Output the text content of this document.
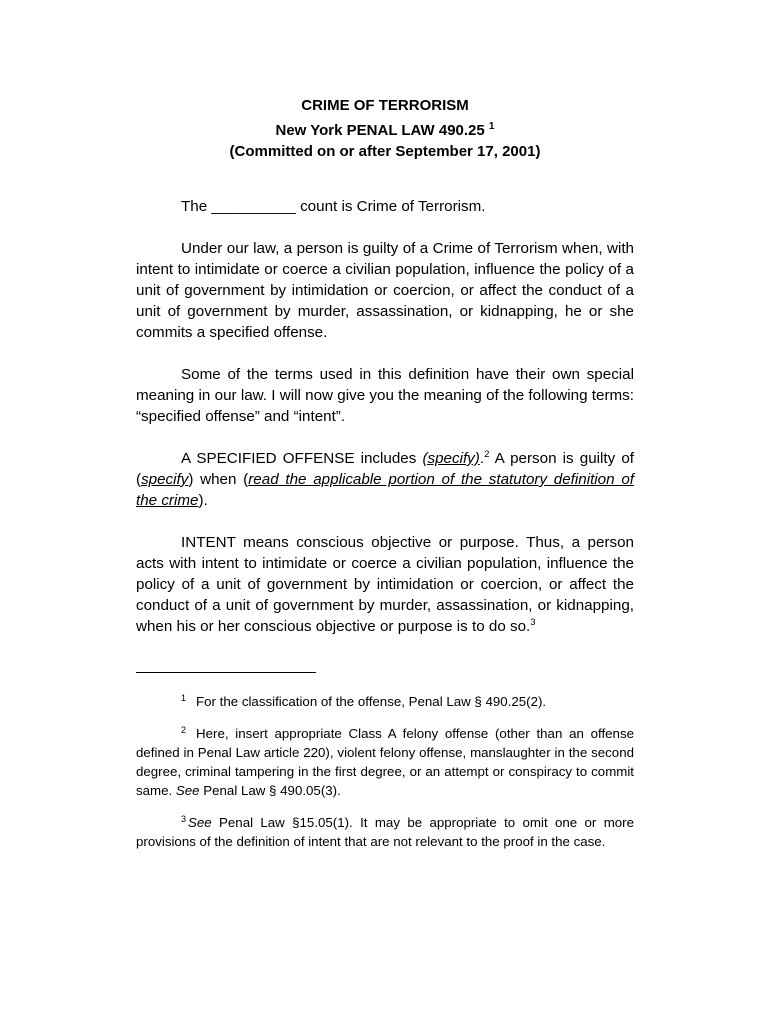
CRIME OF TERRORISM
New York PENAL LAW 490.25 $^1$
(Committed on or after September 17, 2001)

The __________ count is Crime of Terrorism.

Under our law, a person is guilty of a Crime of Terrorism when, with intent to intimidate or coerce a civilian population, influence the policy of a unit of government by intimidation or coercion, or affect the conduct of a unit of government by murder, assassination, or kidnapping, he or she commits a specified offense.

Some of the terms used in this definition have their own special meaning in our law. I will now give you the meaning of the following terms: “specified offense” and “intent”.

A SPECIFIED OFFENSE includes (specify).$^2$ A person is guilty of (specify) when (read the applicable portion of the statutory definition of the crime).

INTENT means conscious objective or purpose. Thus, a person acts with intent to intimidate or coerce a civilian population, influence the policy of a unit of government by intimidation or coercion, or affect the conduct of a unit of government by murder, assassination, or kidnapping, when his or her conscious objective or purpose is to do so.$^3$

$^1$ For the classification of the offense, Penal Law § 490.25(2).

$^2$ Here, insert appropriate Class A felony offense (other than an offense defined in Penal Law article 220), violent felony offense, manslaughter in the second degree, criminal tampering in the first degree, or an attempt or conspiracy to commit same. See Penal Law § 490.05(3).

$^3$ See Penal Law §15.05(1). It may be appropriate to omit one or more provisions of the definition of intent that are not relevant to the proof in the case.
